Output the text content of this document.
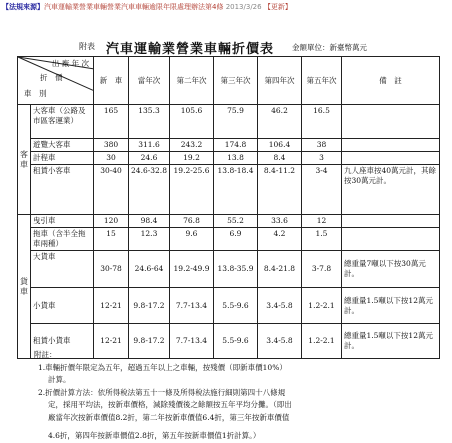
【法規來源】汽車運輸業營業車輛營業汽車車輛逾限年限處理辦法第4條 2013/3/26 【更新】
附表 汽車運輸業營業車輛折價表 金額單位：新臺幣萬元
出 廠 年 次
折　價
車　別		新　車	當年次	第二年次	第三年次	第四年次	第五年次	備　註

客　車	大客車（公路及市區客運業）	165	135.3	105.6	75.9	46.2	16.5	
	遊覽大客車	380	311.6	243.2	174.8	106.4	38	
	計程車	30	24.6	19.2	13.8	8.4	3	
	租賃小客車	30-40	24.6-32.8	19.2-25.6	13.8-18.4	8.4-11.2	3-4	九人座車按40萬元計，其餘按30萬元計。

貨　車	曳引車	120	98.4	76.8	55.2	33.6	12	
	拖車（含半全拖車兩種）	15	12.3	9.6	6.9	4.2	1.5	
	大貨車	30-78	24.6-64	19.2-49.9	13.8-35.9	8.4-21.8	3-7.8	總重量7噸以下按30萬元計。
	小貨車	12-21	9.8-17.2	7.7-13.4	5.5-9.6	3.4-5.8	1.2-2.1	總重量1.5噸以下按12萬元計。
	租賃小貨車	12-21	9.8-17.2	7.7-13.4	5.5-9.6	3.4-5.8	1.2-2.1	總重量1.5噸以下按12萬元計。
附註：
1.車輛折價年限定為五年，超過五年以上之車輛，按殘價（即新車價10%）
計算。
2.折價計算方法：依所得稅法第五十一條及所得稅法施行細則第四十八條規
定，採用平均法，按新車價格，減除殘價後之餘額按五年平均分攤。（即出
廠當年次按新車價值8.2折，第二年按新車價值6.4折，第三年按新車價值
4.6折，第四年按新車價值2.8折，第五年按新車價值1折計算。）
